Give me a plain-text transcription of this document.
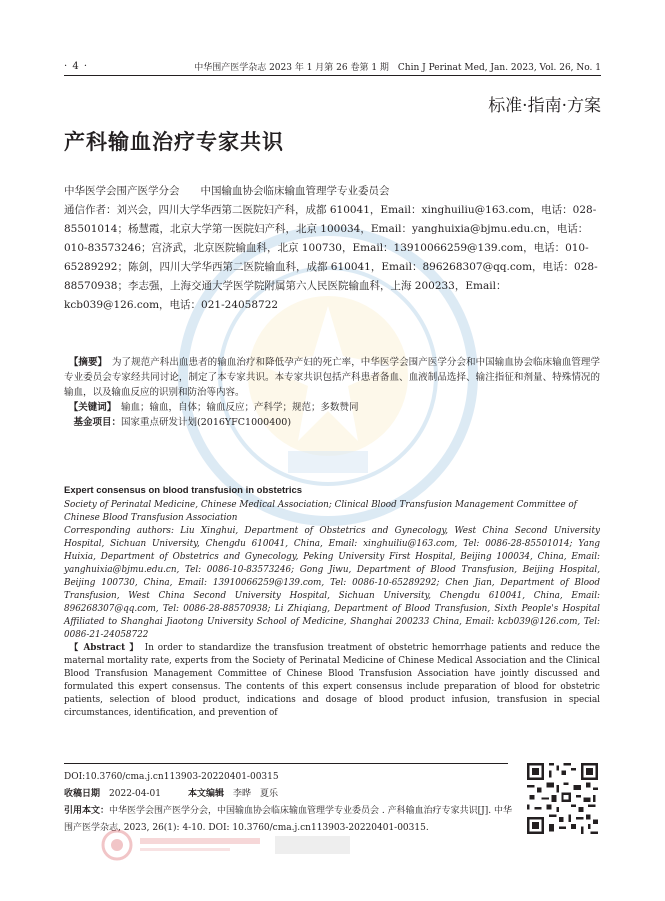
· 4 ·	中华围产医学杂志 2023 年 1 月第 26 卷第 1 期　Chin J Perinat Med, Jan. 2023, Vol. 26, No. 1
标准·指南·方案
产科输血治疗专家共识

中华医学会围产医学分会　　中国输血协会临床输血管理学专业委员会

通信作者：刘兴会，四川大学华西第二医院妇产科，成都 610041，Email：xinghuiliu@163.com，电话：028-85501014；杨慧霞，北京大学第一医院妇产科，北京 100034，Email：yanghuixia@bjmu.edu.cn，电话：010-83573246；宫济武，北京医院输血科，北京 100730，Email：13910066259@139.com，电话：010-65289292；陈剑，四川大学华西第二医院输血科，成都 610041，Email：896268307@qq.com，电话：028-88570938；李志强，上海交通大学医学院附属第六人民医院输血科，上海 200233，Email：kcb039@126.com，电话：021-24058722

　【摘要】　 为了规范产科出血患者的输血治疗和降低孕产妇的死亡率，中华医学会围产医学分会和中国输血协会临床输血管理学专业委员会专家经共同讨论，制定了本专家共识。本专家共识包括产科患者备血、血液制品选择、输注指征和剂量、特殊情况的输血，以及输血反应的识别和防治等内容。

　【关键词】　 输血；输血，自体；输血反应；产科学；规范；多数赞同

　基金项目：国家重点研发计划(2016YFC1000400)

Expert consensus on blood transfusion in obstetrics

Society of Perinatal Medicine, Chinese Medical Association; Clinical Blood Transfusion Management Committee of Chinese Blood Transfusion Association

Corresponding authors: Liu Xinghui, Department of Obstetrics and Gynecology, West China Second University Hospital, Sichuan University, Chengdu 610041, China, Email: xinghuiliu@163.com, Tel: 0086-28-85501014; Yang Huixia, Department of Obstetrics and Gynecology, Peking University First Hospital, Beijing 100034, China, Email: yanghuixia@bjmu.edu.cn, Tel: 0086-10-83573246; Gong Jiwu, Department of Blood Transfusion, Beijing Hospital, Beijing 100730, China, Email: 13910066259@139.com, Tel: 0086-10-65289292; Chen Jian, Department of Blood Transfusion, West China Second University Hospital, Sichuan University, Chengdu 610041, China, Email: 896268307@qq.com, Tel: 0086-28-88570938; Li Zhiqiang, Department of Blood Transfusion, Sixth People's Hospital Affiliated to Shanghai Jiaotong University School of Medicine, Shanghai 200233 China, Email: kcb039@126.com, Tel: 0086-21-24058722

　【 Abstract 】　 In order to standardize the transfusion treatment of obstetric hemorrhage patients and reduce the maternal mortality rate, experts from the Society of Perinatal Medicine of Chinese Medical Association and the Clinical Blood Transfusion Management Committee of Chinese Blood Transfusion Association have jointly discussed and formulated this expert consensus. The contents of this expert consensus include preparation of blood for obstetric patients, selection of blood product, indications and dosage of blood product infusion, transfusion in special circumstances, identification, and prevention of

DOI:10.3760/cma.j.cn113903-20220401-00315

收稿日期　 2022-04-01　　　	本文编辑　 李晔　夏乐

引用本文：中华医学会围产医学分会，中国输血协会临床输血管理学专业委员会 . 产科输血治疗专家共识[J]. 中华围产医学杂志, 2023, 26(1): 4-10. DOI: 10.3760/cma.j.cn113903-20220401-00315.
